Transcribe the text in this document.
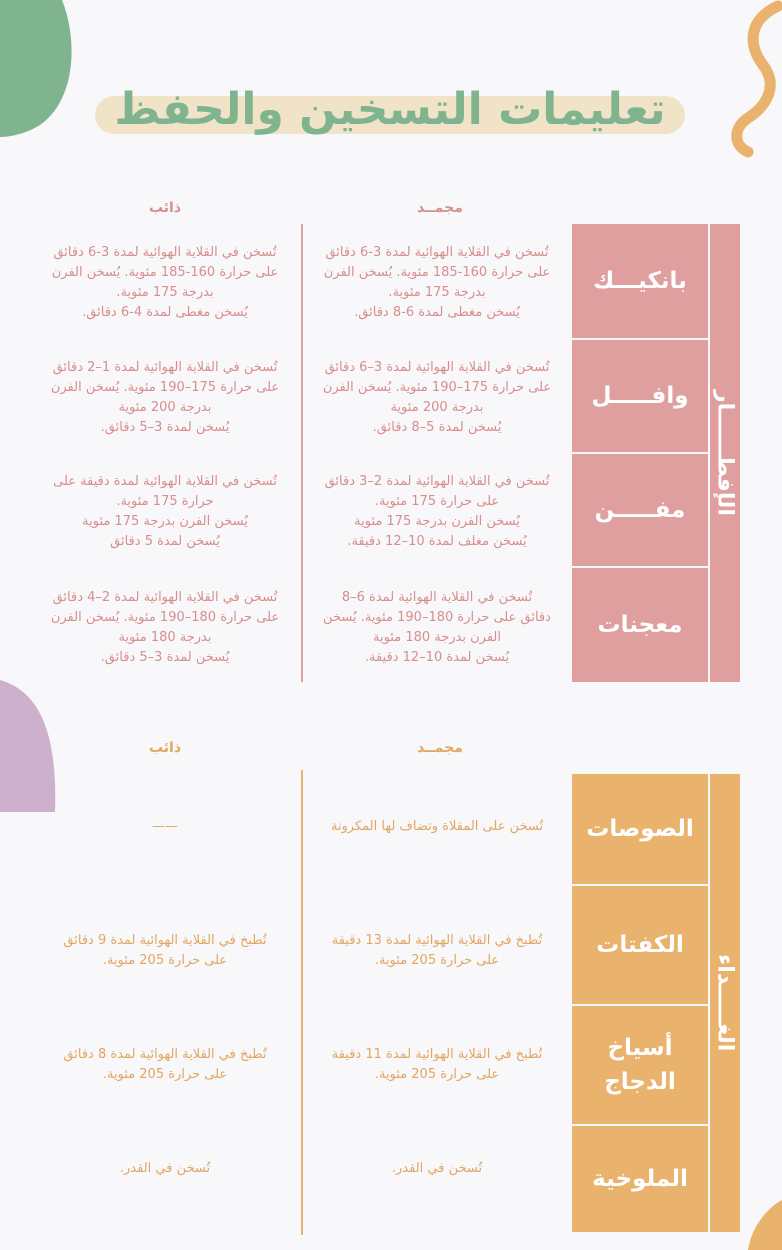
تعليمات التسخين والحفظ
مجمــد
ذائب
الإفطــــــار
بانكيـــك
وافـــــل
مفـــــن
معجنات
تُسخن في القلاية الهوائية لمدة 3-6 دقائق
على حرارة 160-185 مئوية. يُسخن الفرن
بدرجة 175 مئوية.
يُسخن مغطى لمدة 6-8 دقائق.
تُسخن في القلاية الهوائية لمدة 3-6 دقائق
على حرارة 160-185 مئوية. يُسخن الفرن
بدرجة 175 مئوية.
يُسخن مغطى لمدة 4-6 دقائق.
تُسخن في القلاية الهوائية لمدة 3–6 دقائق
على حرارة 175–190 مئوية. يُسخن الفرن
بدرجة 200 مئوية
يُسخن لمدة 5–8 دقائق.
تُسخن في القلاية الهوائية لمدة 1–2 دقائق
على حرارة 175–190 مئوية. يُسخن الفرن
بدرجة 200 مئوية
يُسخن لمدة 3–5 دقائق.
تُسخن في القلاية الهوائية لمدة 2–3 دقائق
على حرارة 175 مئوية.
يُسخن الفرن بدرجة 175 مئوية
يُسخن مغلف لمدة 10–12 دقيقة.
تُسخن في القلاية الهوائية لمدة دقيقة على
حرارة 175 مئوية.
يُسخن الفرن بدرجة 175 مئوية
يُسخن لمدة 5 دقائق
تُسخن في القلاية الهوائية لمدة 6–8
دقائق على حرارة 180–190 مئوية. يُسخن
الفرن بدرجة 180 مئوية
يُسخن لمدة 10–12 دقيقة.
تُسخن في القلاية الهوائية لمدة 2–4 دقائق
على حرارة 180–190 مئوية. يُسخن الفرن
بدرجة 180 مئوية
يُسخن لمدة 3–5 دقائق.
مجمــد
ذائب
الغـــــداء
الصوصات
الكفتات
أسياخ
الدجاج
الملوخية
تُسخن على المقلاة وتضاف لها المكرونة
——
تُطبخ في القلاية الهوائية لمدة 13 دقيقة
على حرارة 205 مئوية.
تُطبخ في القلاية الهوائية لمدة 9 دقائق
على حرارة 205 مئوية.
تُطبخ في القلاية الهوائية لمدة 11 دقيقة
على حرارة 205 مئوية.
تُطبخ في القلاية الهوائية لمدة 8 دقائق
على حرارة 205 مئوية.
تُسخن في القدر.
تُسخن في القدر.
